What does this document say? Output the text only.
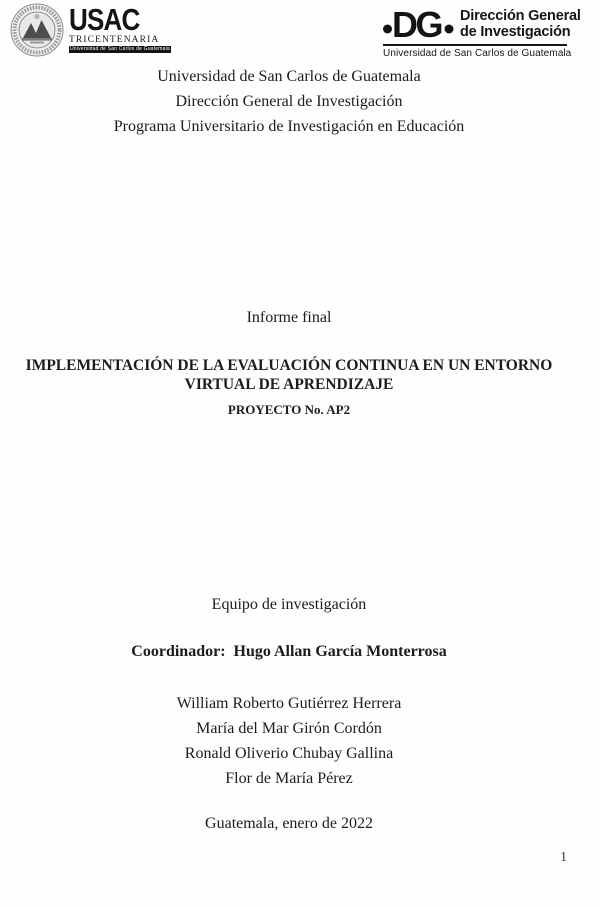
USAC
TRICENTENARIA
Universidad de San Carlos de Guatemala
DG Dirección General
de Investigación
Universidad de San Carlos de Guatemala
Universidad de San Carlos de Guatemala
Dirección General de Investigación
Programa Universitario de Investigación en Educación
Informe final
IMPLEMENTACIÓN DE LA EVALUACIÓN CONTINUA EN UN ENTORNO VIRTUAL DE APRENDIZAJE
PROYECTO No. AP2
Equipo de investigación
Coordinador:  Hugo Allan García Monterrosa
William Roberto Gutiérrez Herrera
María del Mar Girón Cordón
Ronald Oliverio Chubay Gallina
Flor de María Pérez
Guatemala, enero de 2022
1
